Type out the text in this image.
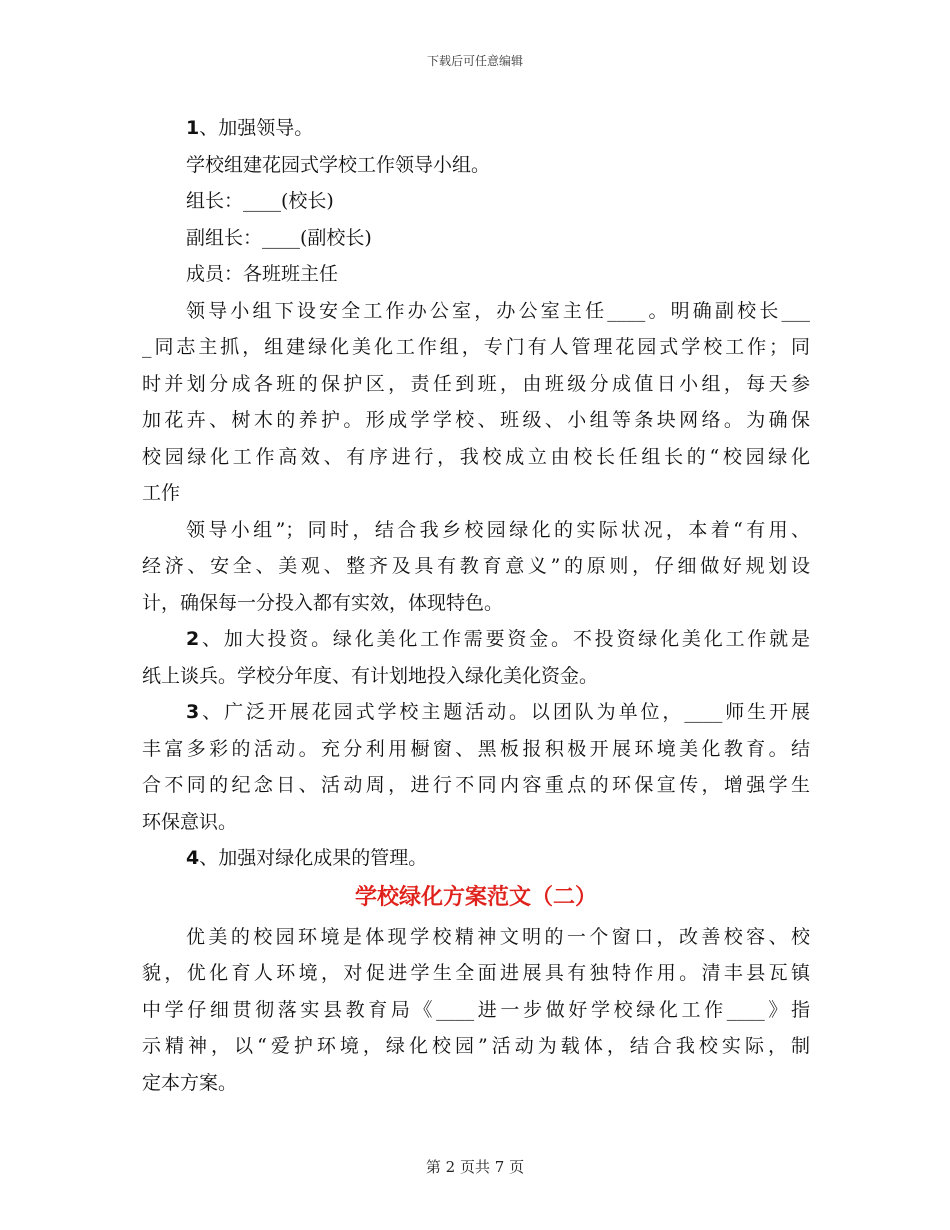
下载后可任意编辑
1、加强领导。
学校组建花园式学校工作领导小组。
组长：____(校长)
副组长：____(副校长)
成员：各班班主任
领导小组下设安全工作办公室，办公室主任____。明确副校长___
_同志主抓，组建绿化美化工作组，专门有人管理花园式学校工作；同
时并划分成各班的保护区，责任到班，由班级分成值日小组，每天参
加花卉、树木的养护。形成学学校、班级、小组等条块网络。为确保
校园绿化工作高效、有序进行，我校成立由校长任组长的“校园绿化
工作
领导小组”；同时，结合我乡校园绿化的实际状况，本着“有用、
经济、安全、美观、整齐及具有教育意义”的原则，仔细做好规划设
计，确保每一分投入都有实效，体现特色。
2、加大投资。绿化美化工作需要资金。不投资绿化美化工作就是
纸上谈兵。学校分年度、有计划地投入绿化美化资金。
3、广泛开展花园式学校主题活动。以团队为单位，____师生开展
丰富多彩的活动。充分利用橱窗、黑板报积极开展环境美化教育。结
合不同的纪念日、活动周，进行不同内容重点的环保宣传，增强学生
环保意识。
4、加强对绿化成果的管理。
学校绿化方案范文（二）
优美的校园环境是体现学校精神文明的一个窗口，改善校容、校
貌，优化育人环境，对促进学生全面进展具有独特作用。清丰县瓦镇
中学仔细贯彻落实县教育局《____进一步做好学校绿化工作____》指
示精神，以“爱护环境，绿化校园”活动为载体，结合我校实际，制
定本方案。
第 2 页共 7 页
